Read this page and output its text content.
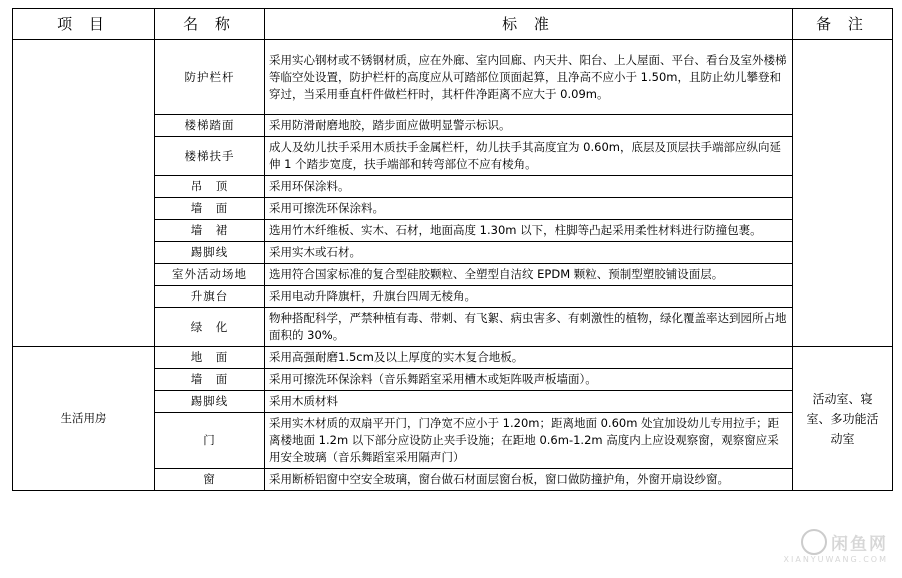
项 目	名 称	标 准	备 注
	防护栏杆	采用实心钢材或不锈钢材质，应在外廊、室内回廊、内天井、阳台、上人屋面、平台、看台及室外楼梯等临空处设置，防护栏杆的高度应从可踏部位顶面起算，且净高不应小于 1.50m，且防止幼儿攀登和穿过，当采用垂直杆件做栏杆时，其杆件净距离不应大于 0.09m。	
	楼梯踏面	采用防滑耐磨地胶，踏步面应做明显警示标识。	
	楼梯扶手	成人及幼儿扶手采用木质扶手金属栏杆，幼儿扶手其高度宜为 0.60m，底层及顶层扶手端部应纵向延伸 1 个踏步宽度，扶手端部和转弯部位不应有棱角。	
	吊　顶	采用环保涂料。	
	墙　面	采用可擦洗环保涂料。	
	墙　裙	选用竹木纤维板、实木、石材，地面高度 1.30m 以下，柱脚等凸起采用柔性材料进行防撞包裹。	
	踢脚线	采用实木或石材。	
	室外活动场地	选用符合国家标准的复合型硅胶颗粒、全塑型自洁纹 EPDM 颗粒、预制型塑胶铺设面层。	
	升旗台	采用电动升降旗杆，升旗台四周无棱角。	
	绿　化	物种搭配科学，严禁种植有毒、带刺、有飞絮、病虫害多、有刺激性的植物，绿化覆盖率达到园所占地面积的 30%。	
生活用房	地　面	采用高强耐磨1.5cm及以上厚度的实木复合地板。	活动室、寝室、多功能活动室
	墙　面	采用可擦洗环保涂料（音乐舞蹈室采用槽木或矩阵吸声板墙面）。	
	踢脚线	采用木质材料	
	门	采用实木材质的双扇平开门，门净宽不应小于 1.20m；距离地面 0.60m 处宜加设幼儿专用拉手；距离楼地面 1.2m 以下部分应设防止夹手设施；在距地 0.6m-1.2m 高度内上应设观察窗，观察窗应采用安全玻璃（音乐舞蹈室采用隔声门）	
	窗	采用断桥铝窗中空安全玻璃，窗台做石材面层窗台板，窗口做防撞护角，外窗开扇设纱窗。	
闲鱼网
XIANYUWANG.COM
